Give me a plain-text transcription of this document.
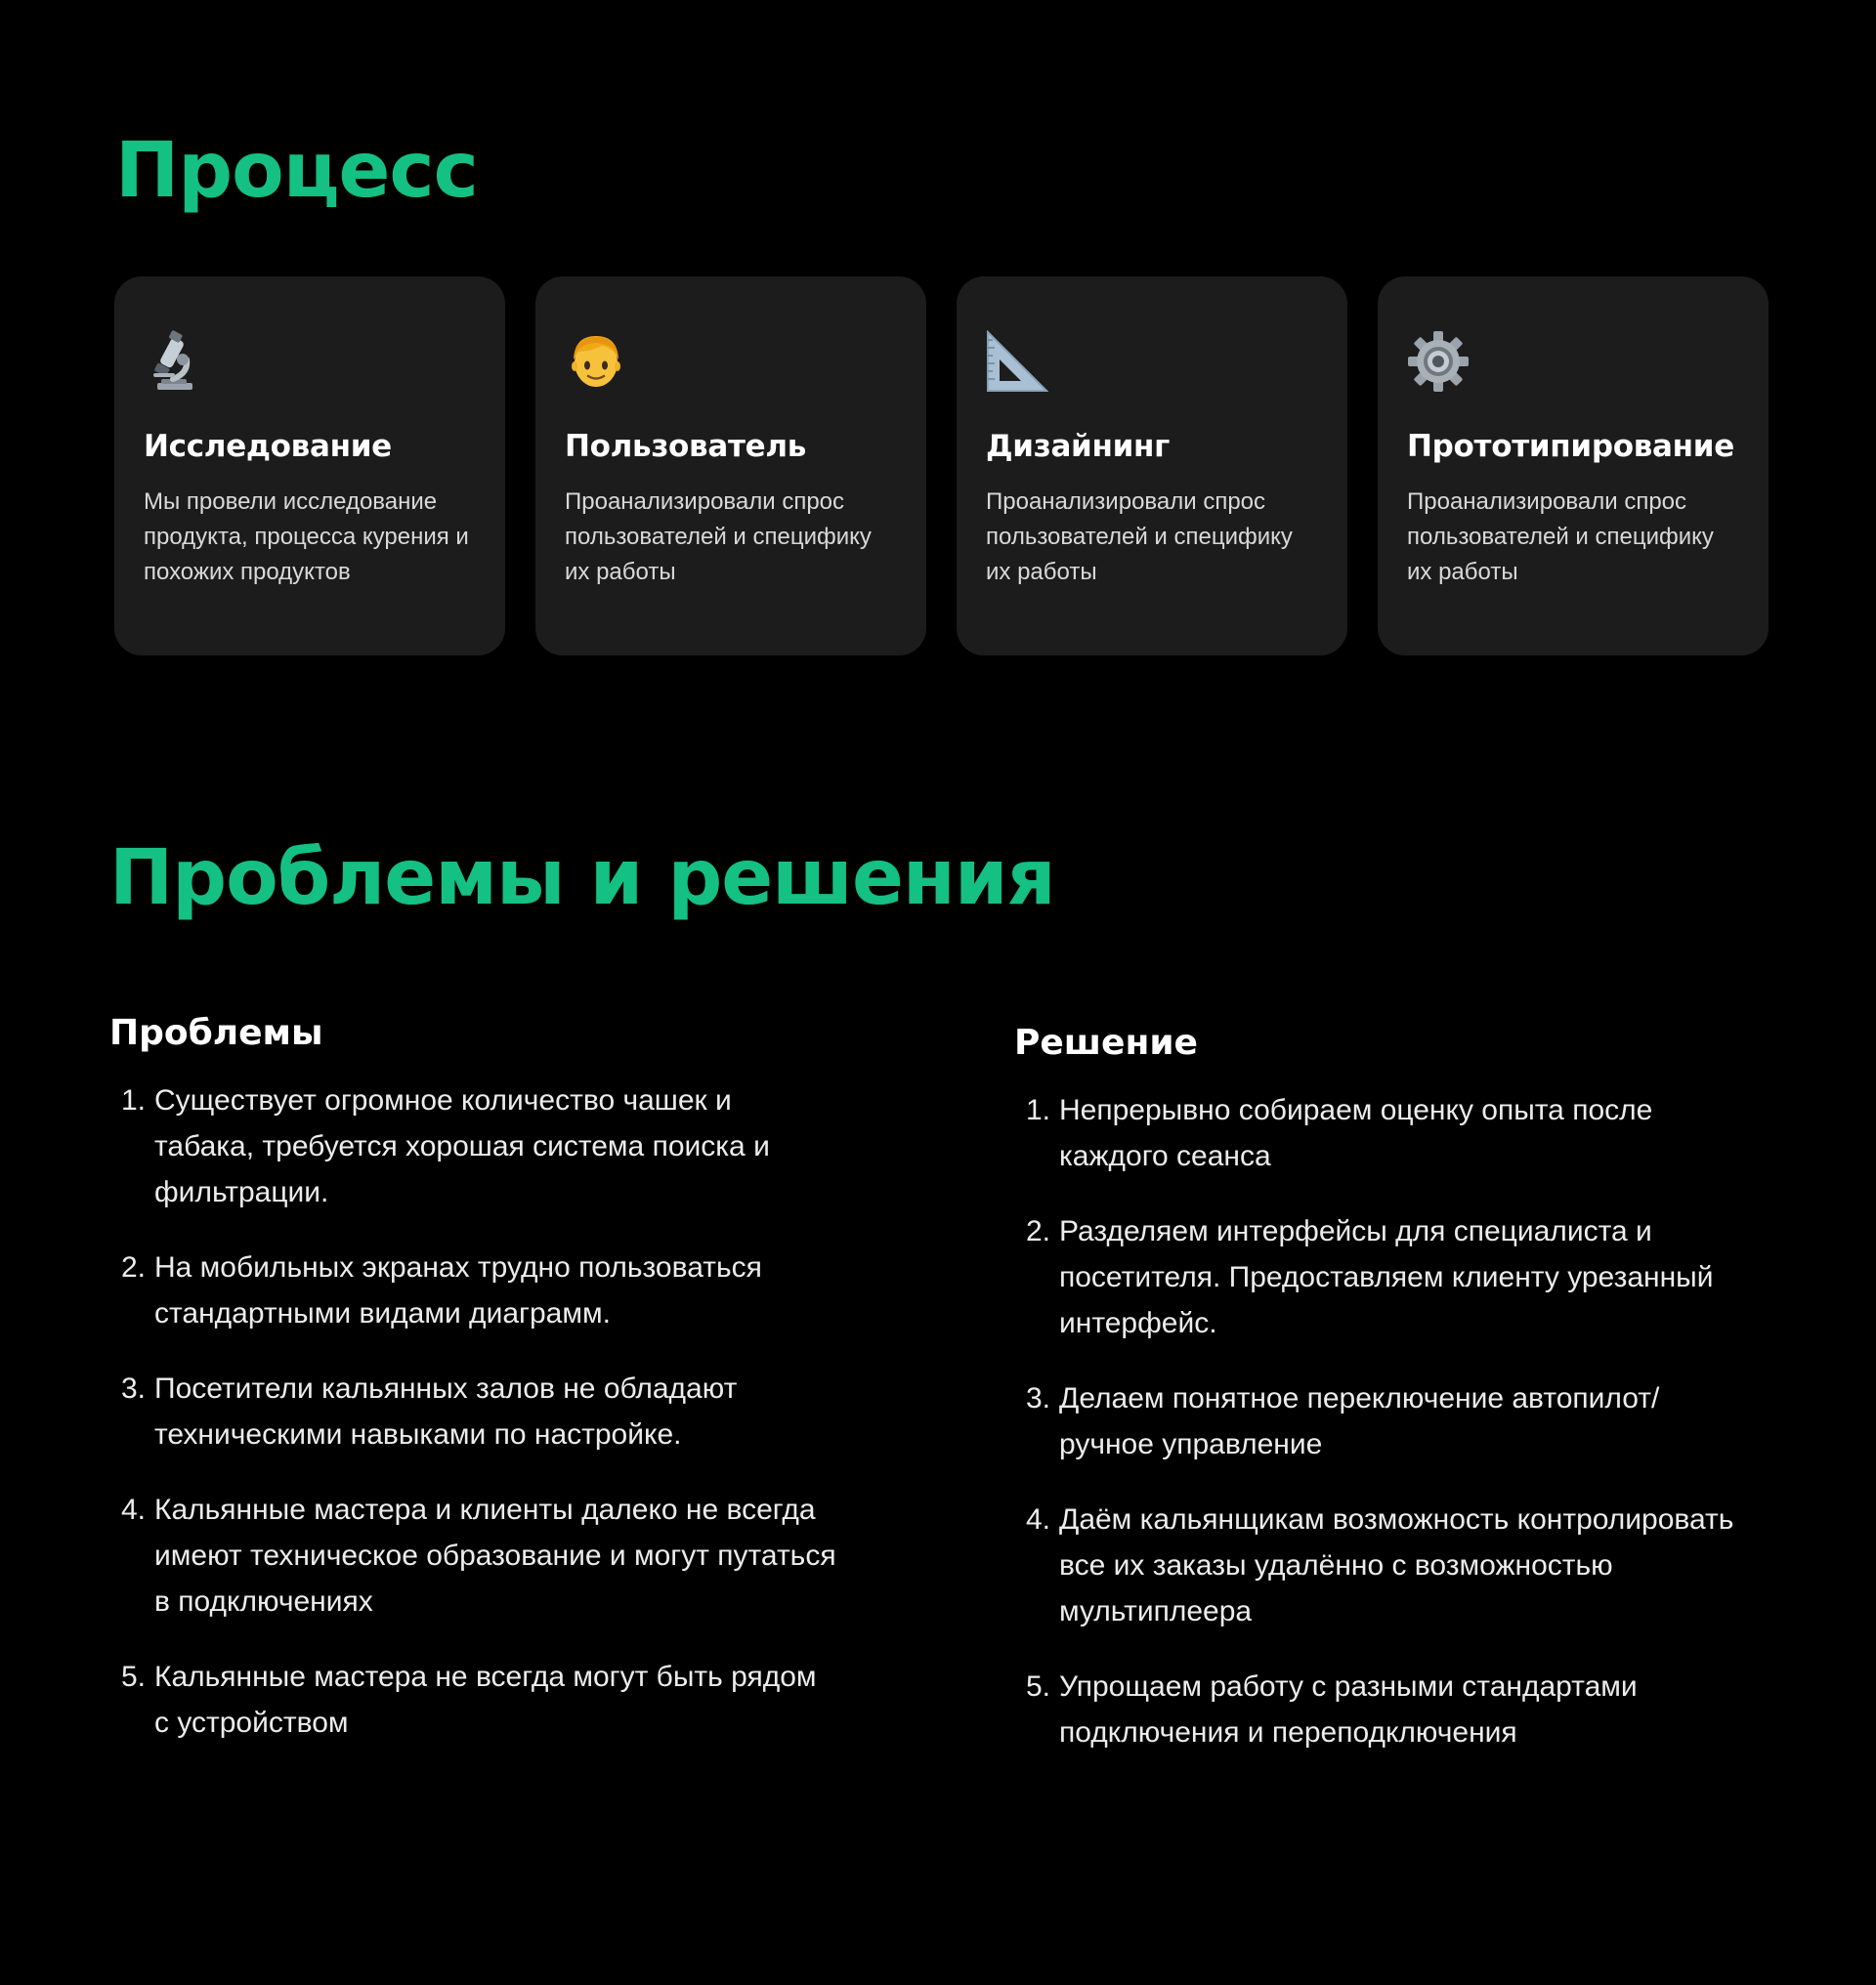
Процесс
Исследование
Мы провели исследование продукта, процесса курения и похожих продуктов
Пользователь
Проанализировали спрос пользователей и специфику их работы
Дизайнинг
Проанализировали спрос пользователей и специфику их работы
Прототипирование
Проанализировали спрос пользователей и специфику их работы
Проблемы и решения
Проблемы
1. Существует огромное количество чашек и табака, требуется хорошая система поиска и фильтрации.
2. На мобильных экранах трудно пользоваться стандартными видами диаграмм.
3. Посетители кальянных залов не обладают техническими навыками по настройке.
4. Кальянные мастера и клиенты далеко не всегда имеют техническое образование и могут путаться в подключениях
5. Кальянные мастера не всегда могут быть рядом с устройством
Решение
1. Непрерывно собираем оценку опыта после каждого сеанса
2. Разделяем интерфейсы для специалиста и посетителя. Предоставляем клиенту урезанный интерфейс.
3. Делаем понятное переключение автопилот/ ручное управление
4. Даём кальянщикам возможность контролировать все их заказы удалённо с возможностью мультиплеера
5. Упрощаем работу с разными стандартами подключения и переподключения
